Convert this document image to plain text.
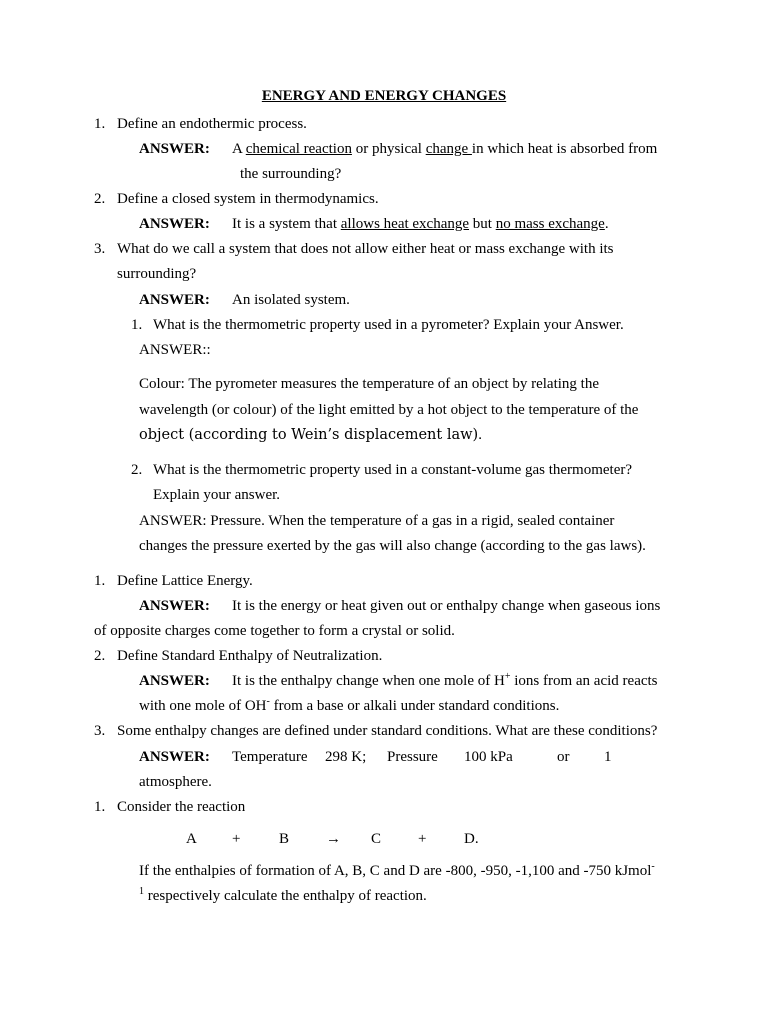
ENERGY AND ENERGY CHANGES
1. Define an endothermic process.
ANSWER: A chemical reaction or physical change in which heat is absorbed from
the surrounding?
2. Define a closed system in thermodynamics.
ANSWER: It is a system that allows heat exchange but no mass exchange.
3. What do we call a system that does not allow either heat or mass exchange with its
surrounding?
ANSWER: An isolated system.
1. What is the thermometric property used in a pyrometer? Explain your Answer.
ANSWER::
Colour: The pyrometer measures the temperature of an object by relating the
wavelength (or colour) of the light emitted by a hot object to the temperature of the
object (according to Wein’s displacement law).
2. What is the thermometric property used in a constant-volume gas thermometer?
Explain your answer.
ANSWER: Pressure. When the temperature of a gas in a rigid, sealed container
changes the pressure exerted by the gas will also change (according to the gas laws).
1. Define Lattice Energy.
ANSWER: It is the energy or heat given out or enthalpy change when gaseous ions
of opposite charges come together to form a crystal or solid.
2. Define Standard Enthalpy of Neutralization.
ANSWER: It is the enthalpy change when one mole of H+ ions from an acid reacts
with one mole of OH- from a base or alkali under standard conditions.
3. Some enthalpy changes are defined under standard conditions. What are these conditions?
ANSWER: Temperature 298 K; Pressure 100 kPa	or 1
atmosphere.
1. Consider the reaction
A +	B → C +	D.
If the enthalpies of formation of A, B, C and D are -800, -950, -1,100 and -750 kJmol-
$^1$ respectively calculate the enthalpy of reaction.
